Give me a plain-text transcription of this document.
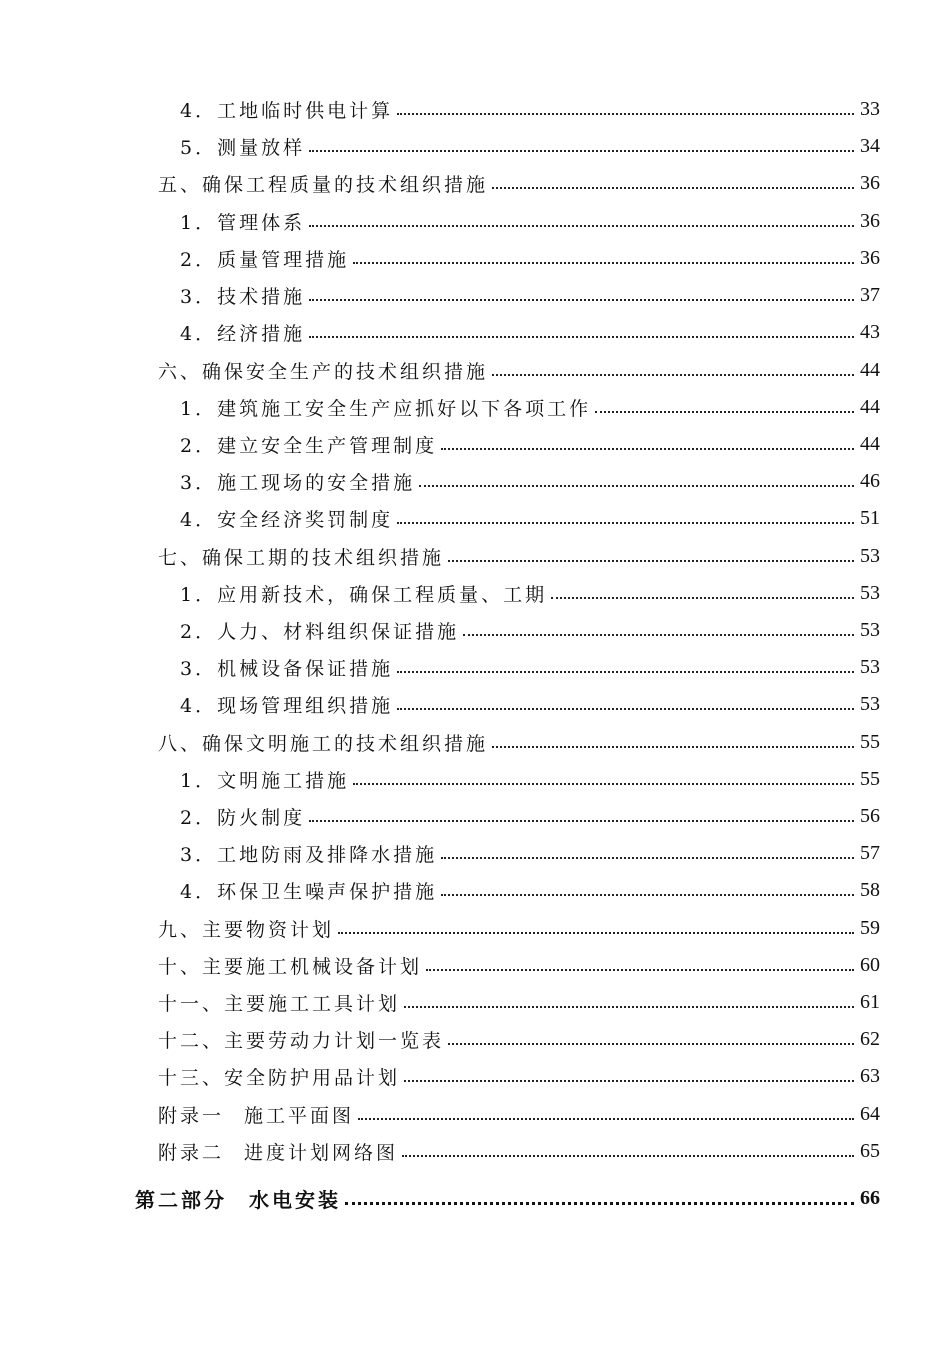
4．工地临时供电计算	33
5．测量放样	34
五、确保工程质量的技术组织措施	36
1．管理体系	36
2．质量管理措施	36
3．技术措施	37
4．经济措施	43
六、确保安全生产的技术组织措施	44
1．建筑施工安全生产应抓好以下各项工作	44
2．建立安全生产管理制度	44
3．施工现场的安全措施	46
4．安全经济奖罚制度	51
七、确保工期的技术组织措施	53
1．应用新技术，确保工程质量、工期	53
2．人力、材料组织保证措施	53
3．机械设备保证措施	53
4．现场管理组织措施	53
八、确保文明施工的技术组织措施	55
1．文明施工措施	55
2．防火制度	56
3．工地防雨及排降水措施	57
4．环保卫生噪声保护措施	58
九、主要物资计划	59
十、主要施工机械设备计划	60
十一、主要施工工具计划	61
十二、主要劳动力计划一览表	62
十三、安全防护用品计划	63
附录一 施工平面图	64
附录二 进度计划网络图	65
第二部分 水电安装	66
